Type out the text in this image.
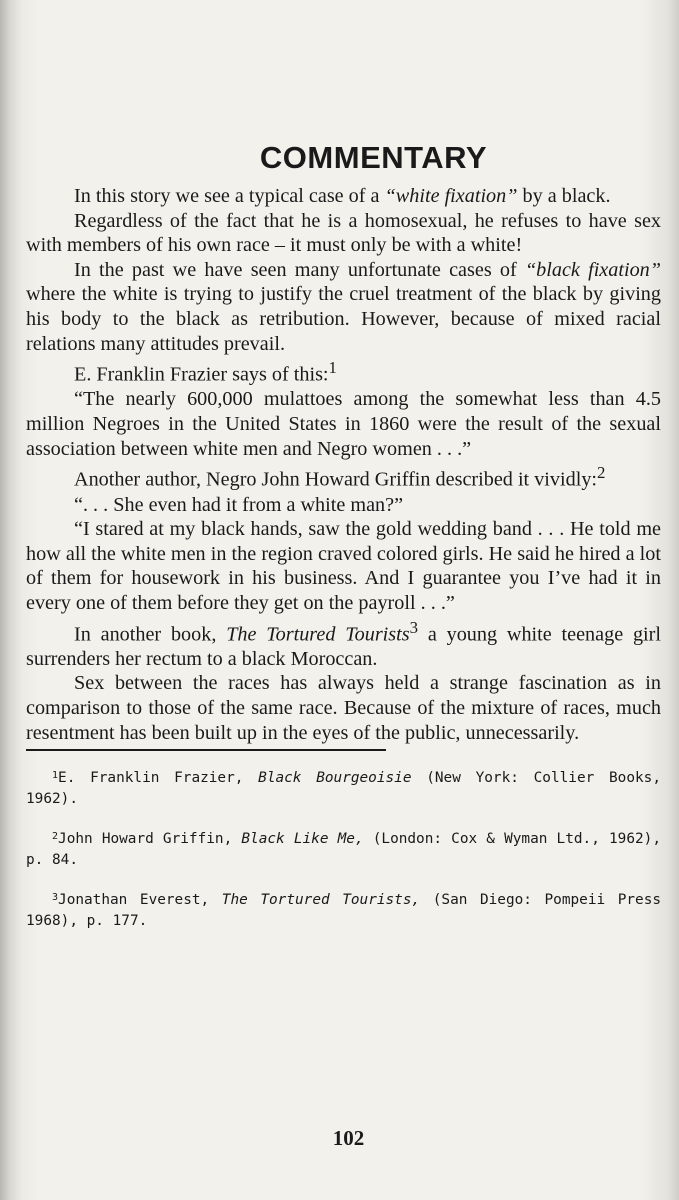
COMMENTARY

In this story we see a typical case of a “white fixation” by a black.

Regardless of the fact that he is a homosexual, he refuses to have sex with members of his own race – it must only be with a white!

In the past we have seen many unfortunate cases of “black fixation” where the white is trying to justify the cruel treatment of the black by giving his body to the black as retribution. However, because of mixed racial relations many attitudes prevail.

E. Franklin Frazier says of this:$^1$

“The nearly 600,000 mulattoes among the somewhat less than 4.5 million Negroes in the United States in 1860 were the result of the sexual association between white men and Negro women . . .”

Another author, Negro John Howard Griffin described it vividly:$^2$

“. . . She even had it from a white man?”

“I stared at my black hands, saw the gold wedding band . . . He told me how all the white men in the region craved colored girls. He said he hired a lot of them for housework in his business. And I guarantee you I’ve had it in every one of them before they get on the payroll . . .”

In another book, The Tortured Tourists$^3$ a young white teenage girl surrenders her rectum to a black Moroccan.

Sex between the races has always held a strange fascination as in comparison to those of the same race. Because of the mixture of races, much resentment has been built up in the eyes of the public, unnecessarily.

$^1$E. Franklin Frazier, Black Bourgeoisie (New York: Collier Books, 1962).

$^2$John Howard Griffin, Black Like Me, (London: Cox & Wyman Ltd., 1962), p. 84.

$^3$Jonathan Everest, The Tortured Tourists, (San Diego: Pompeii Press 1968), p. 177.

102
